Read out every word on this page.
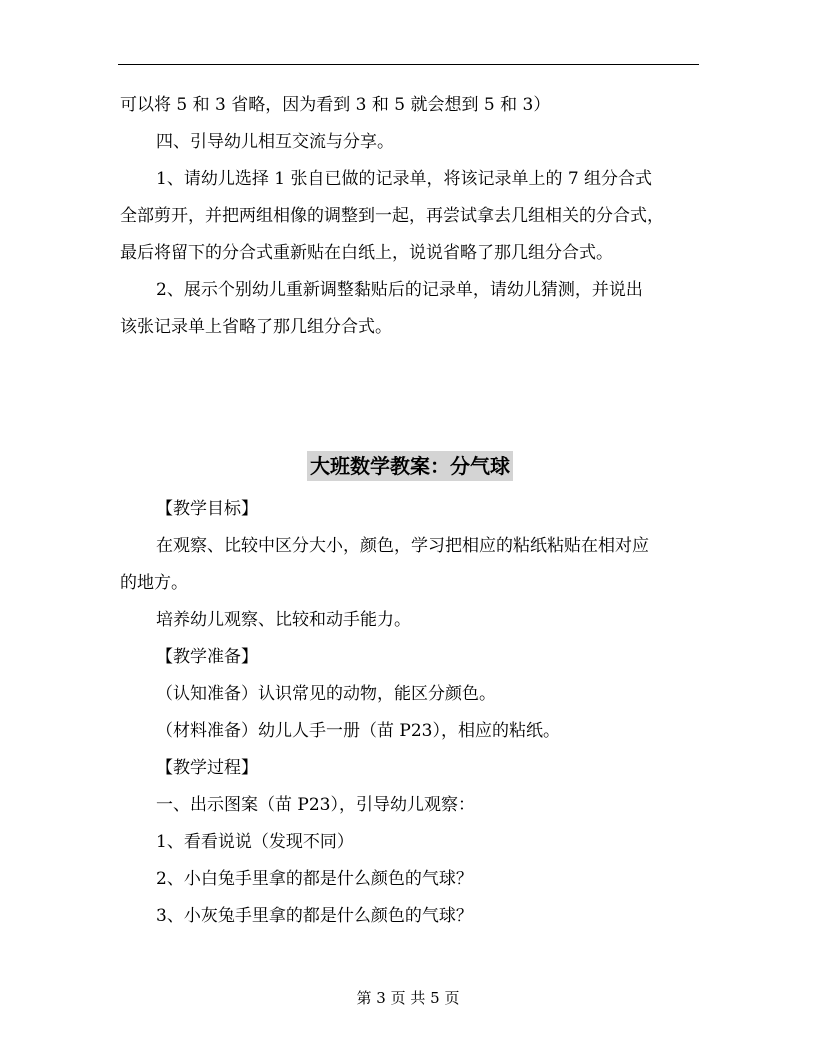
可以将 5 和 3 省略，因为看到 3 和 5 就会想到 5 和 3）
四、引导幼儿相互交流与分享。
1、请幼儿选择 1 张自已做的记录单，将该记录单上的 7 组分合式
全部剪开，并把两组相像的调整到一起，再尝试拿去几组相关的分合式，
最后将留下的分合式重新贴在白纸上，说说省略了那几组分合式。
2、展示个别幼儿重新调整黏贴后的记录单，请幼儿猜测，并说出
该张记录单上省略了那几组分合式。
大班数学教案：分气球
【教学目标】
在观察、比较中区分大小，颜色，学习把相应的粘纸粘贴在相对应
的地方。
培养幼儿观察、比较和动手能力。
【教学准备】
（认知准备）认识常见的动物，能区分颜色。
（材料准备）幼儿人手一册（苗 P23），相应的粘纸。
【教学过程】
一、出示图案（苗 P23），引导幼儿观察：
1、看看说说（发现不同）
2、小白兔手里拿的都是什么颜色的气球？
3、小灰兔手里拿的都是什么颜色的气球？
第 3 页 共 5 页
